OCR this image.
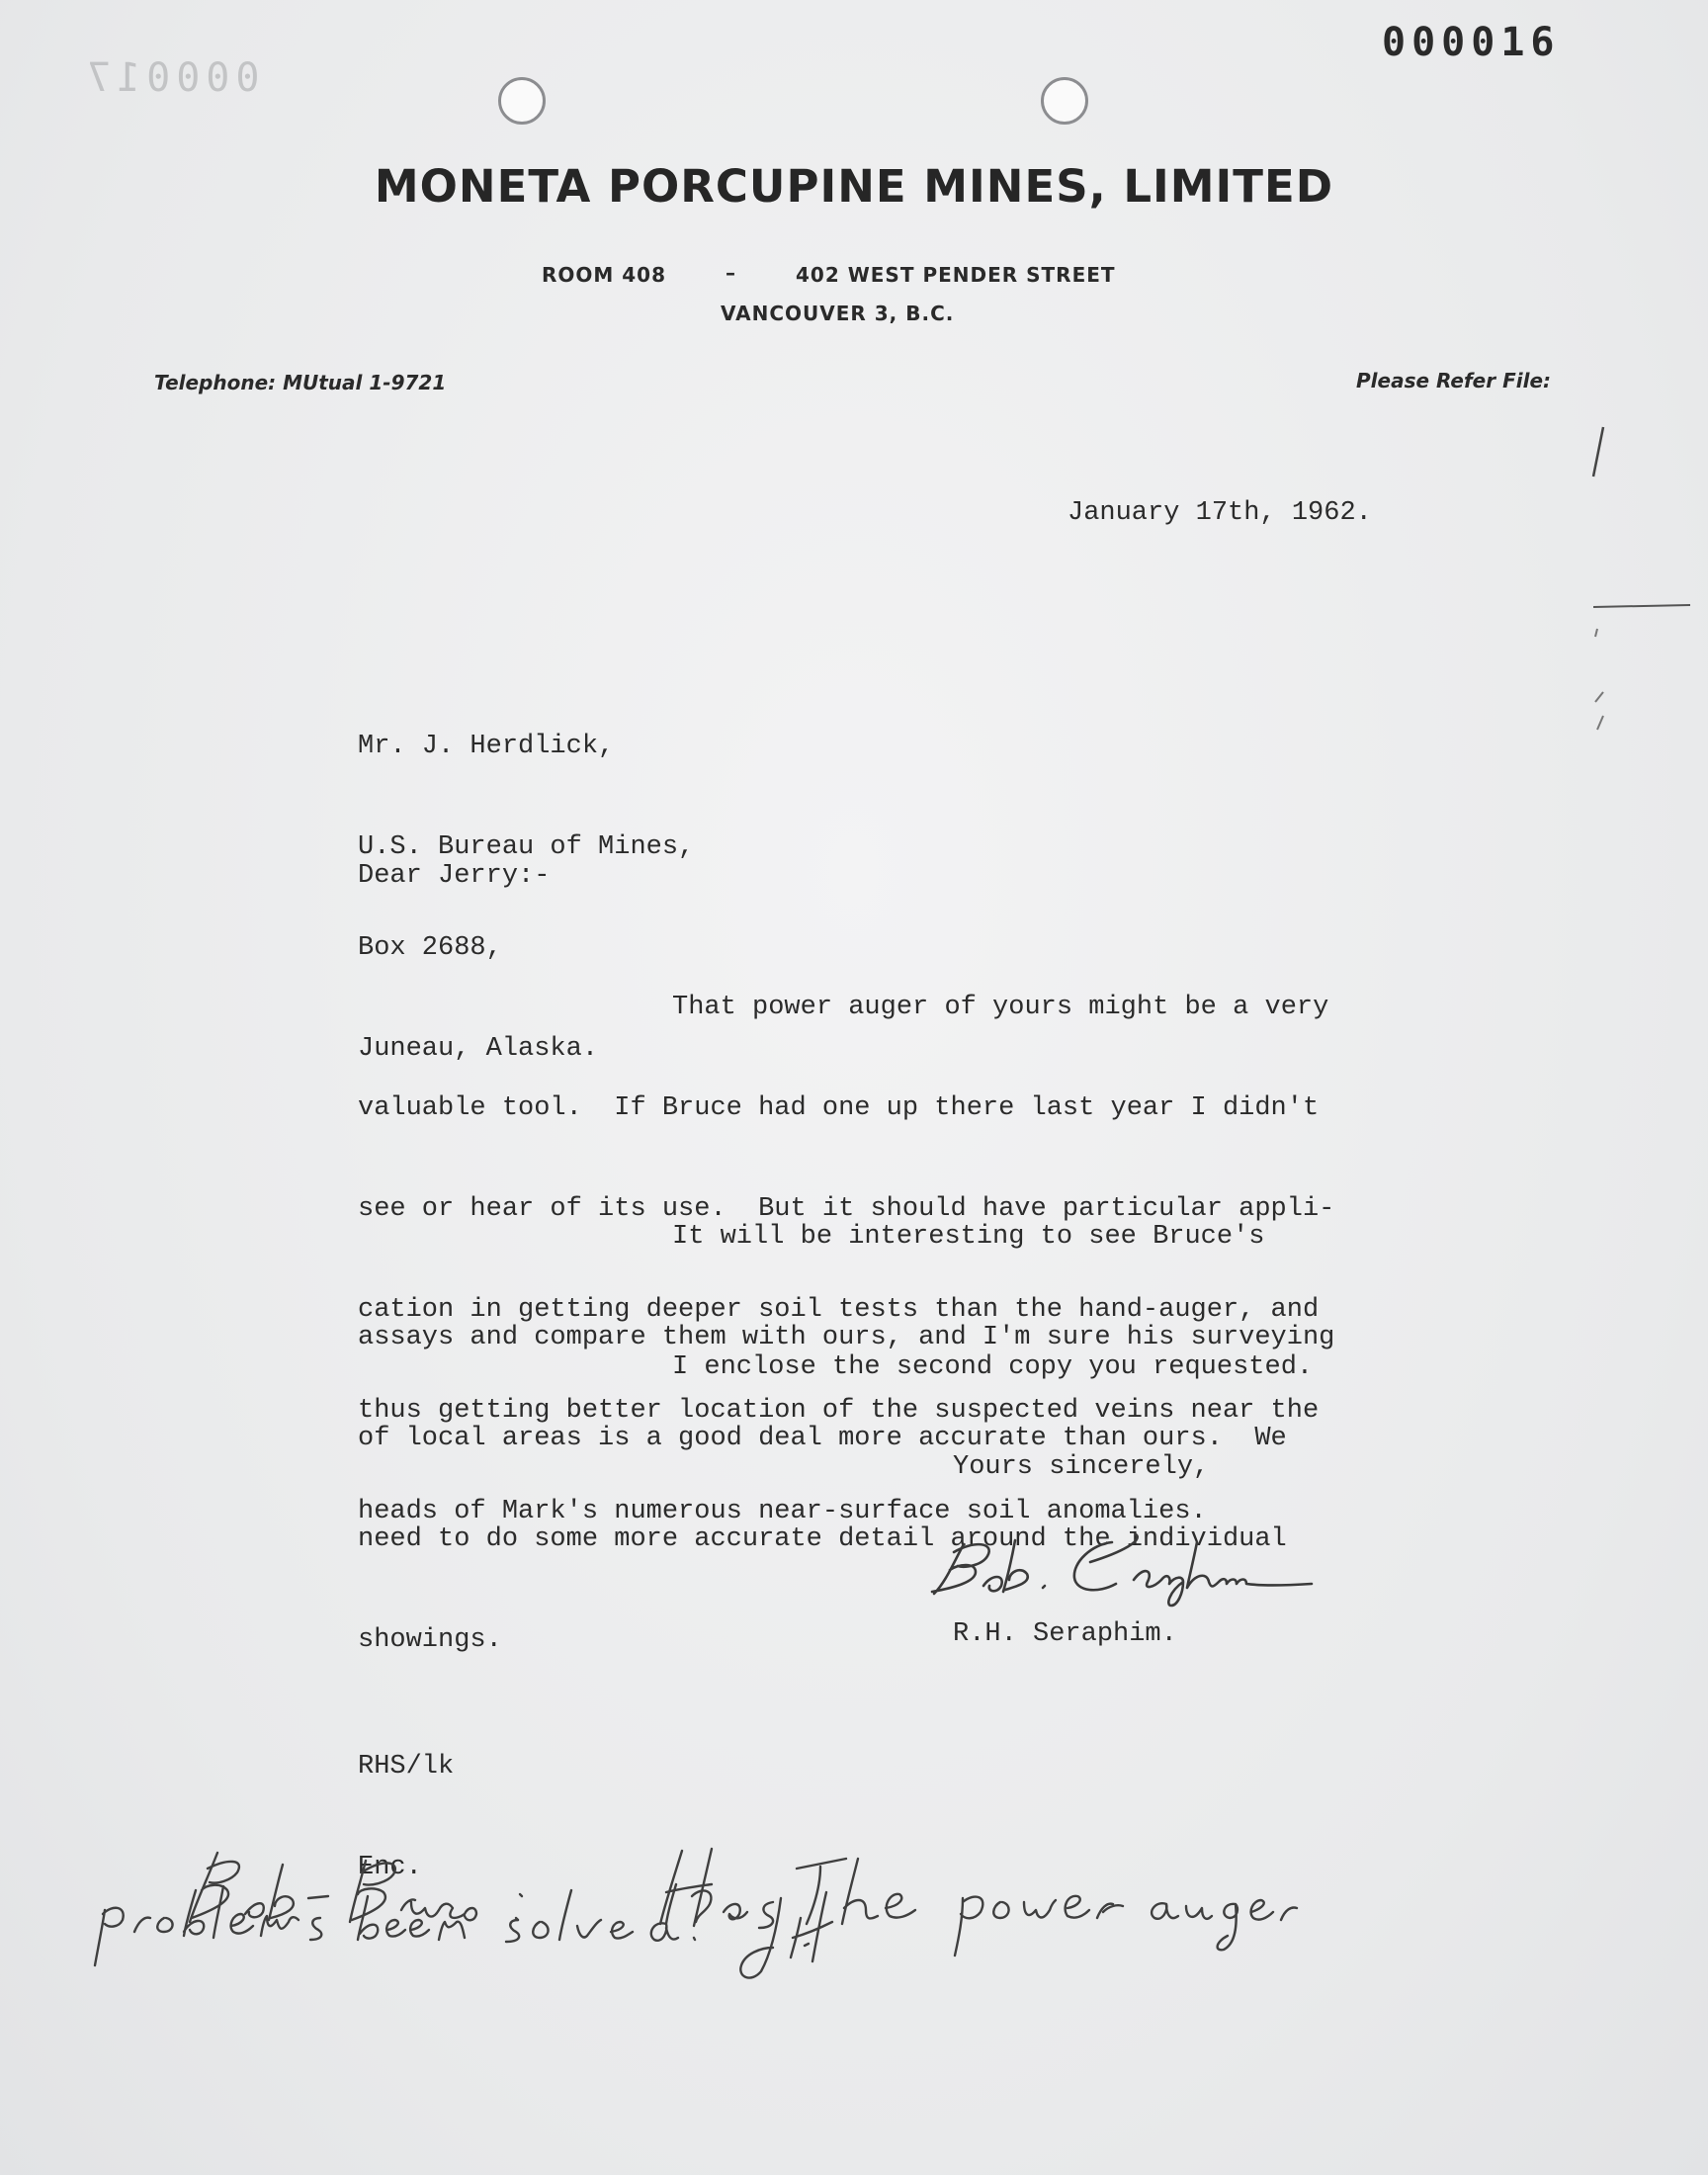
000017
000016
MONETA PORCUPINE MINES, LIMITED
ROOM 408	–	402 WEST PENDER STREET
VANCOUVER 3, B.C.
Telephone: MUtual 1-9721	Please Refer File:
January 17th, 1962.

Mr. J. Herdlick,

U.S. Bureau of Mines,

Box 2688,

Juneau, Alaska.

Dear Jerry:-

That power auger of yours might be a very

valuable tool.  If Bruce had one up there last year I didn't

see or hear of its use.  But it should have particular appli-

cation in getting deeper soil tests than the hand-auger, and

thus getting better location of the suspected veins near the

heads of Mark's numerous near-surface soil anomalies.

It will be interesting to see Bruce's

assays and compare them with ours, and I'm sure his surveying

of local areas is a good deal more accurate than ours.  We

need to do some more accurate detail around the individual

showings.

I enclose the second copy you requested.
Yours sincerely,
R.H. Seraphim.

RHS/lk

Enc.
